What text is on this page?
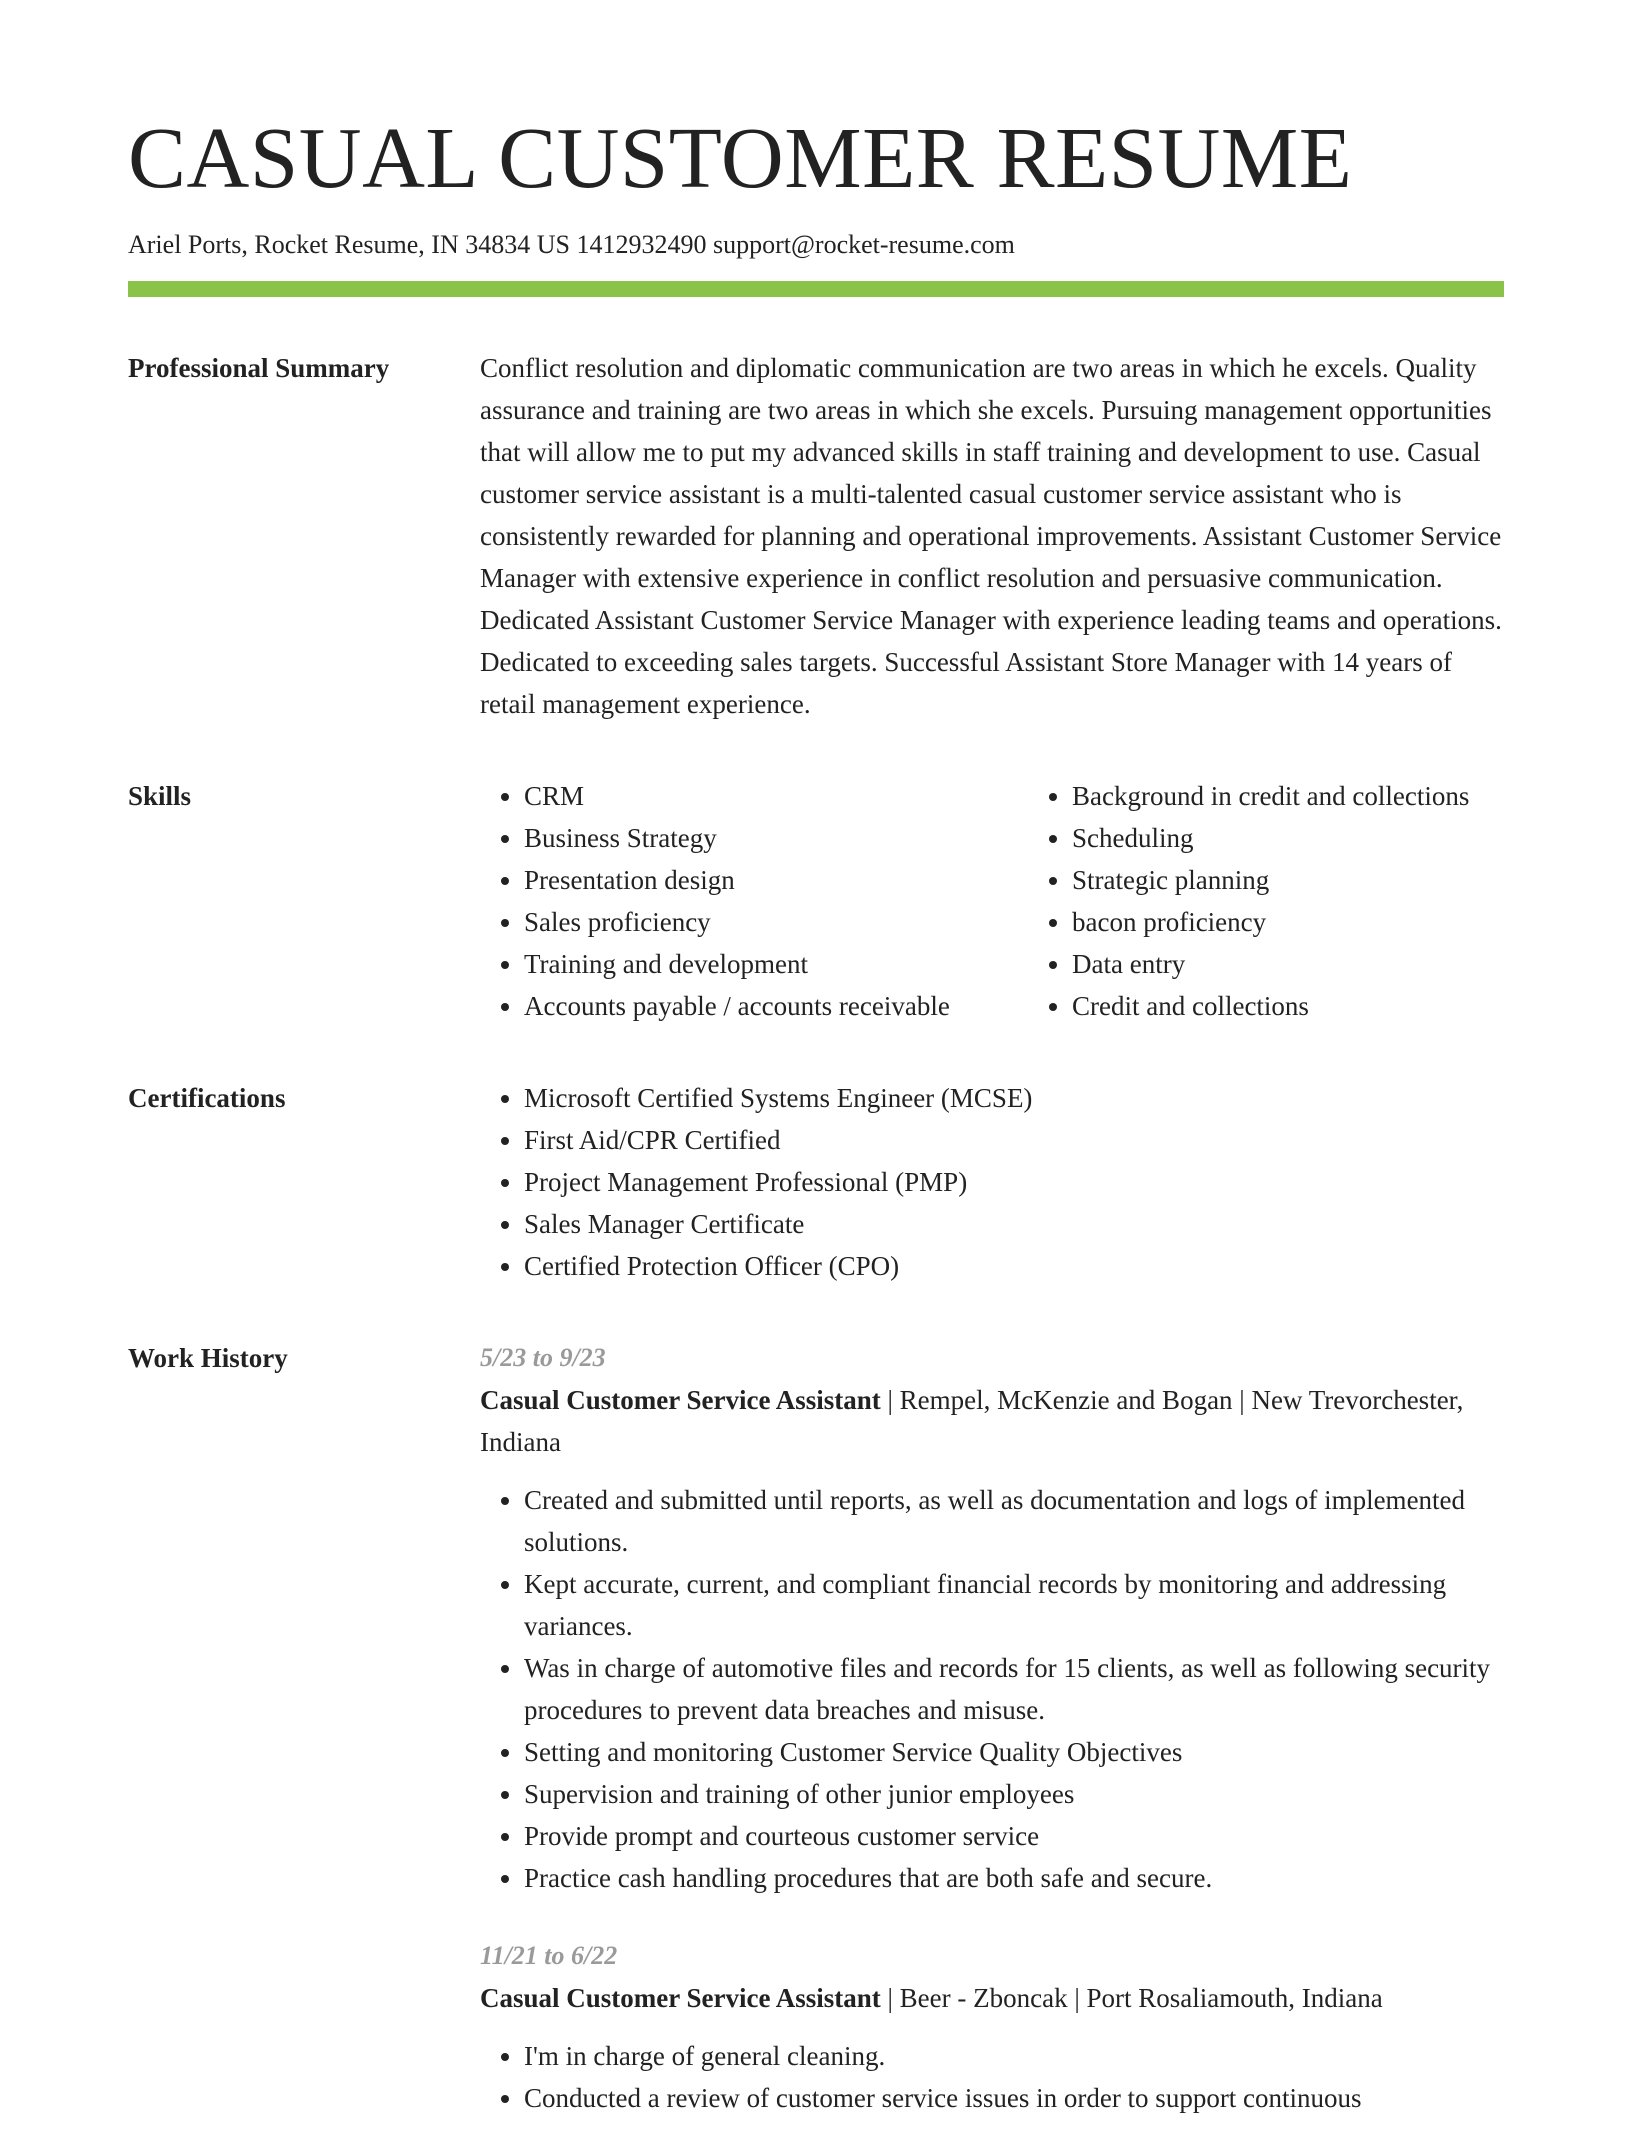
CASUAL CUSTOMER RESUME
Ariel Ports, Rocket Resume, IN 34834 US 1412932490 support@rocket-resume.com
Professional Summary	Conflict resolution and diplomatic communication are two areas in which he excels. Quality assurance and training are two areas in which she excels. Pursuing management opportunities that will allow me to put my advanced skills in staff training and development to use. Casual customer service assistant is a multi-talented casual customer service assistant who is consistently rewarded for planning and operational improvements. Assistant Customer Service Manager with extensive experience in conflict resolution and persuasive communication. Dedicated Assistant Customer Service Manager with experience leading teams and operations. Dedicated to exceeding sales targets. Successful Assistant Store Manager with 14 years of retail management experience.
Skills	• CRM
• Business Strategy
• Presentation design
• Sales proficiency
• Training and development
• Accounts payable / accounts receivable
• Background in credit and collections
• Scheduling
• Strategic planning
• bacon proficiency
• Data entry
• Credit and collections
Certifications	• Microsoft Certified Systems Engineer (MCSE)
• First Aid/CPR Certified
• Project Management Professional (PMP)
• Sales Manager Certificate
• Certified Protection Officer (CPO)
Work History	5/23 to 9/23
Casual Customer Service Assistant | Rempel, McKenzie and Bogan | New Trevorchester, Indiana
• Created and submitted until reports, as well as documentation and logs of implemented solutions.
• Kept accurate, current, and compliant financial records by monitoring and addressing variances.
• Was in charge of automotive files and records for 15 clients, as well as following security procedures to prevent data breaches and misuse.
• Setting and monitoring Customer Service Quality Objectives
• Supervision and training of other junior employees
• Provide prompt and courteous customer service
• Practice cash handling procedures that are both safe and secure.
11/21 to 6/22
Casual Customer Service Assistant | Beer - Zboncak | Port Rosaliamouth, Indiana
• I'm in charge of general cleaning.
• Conducted a review of customer service issues in order to support continuous
